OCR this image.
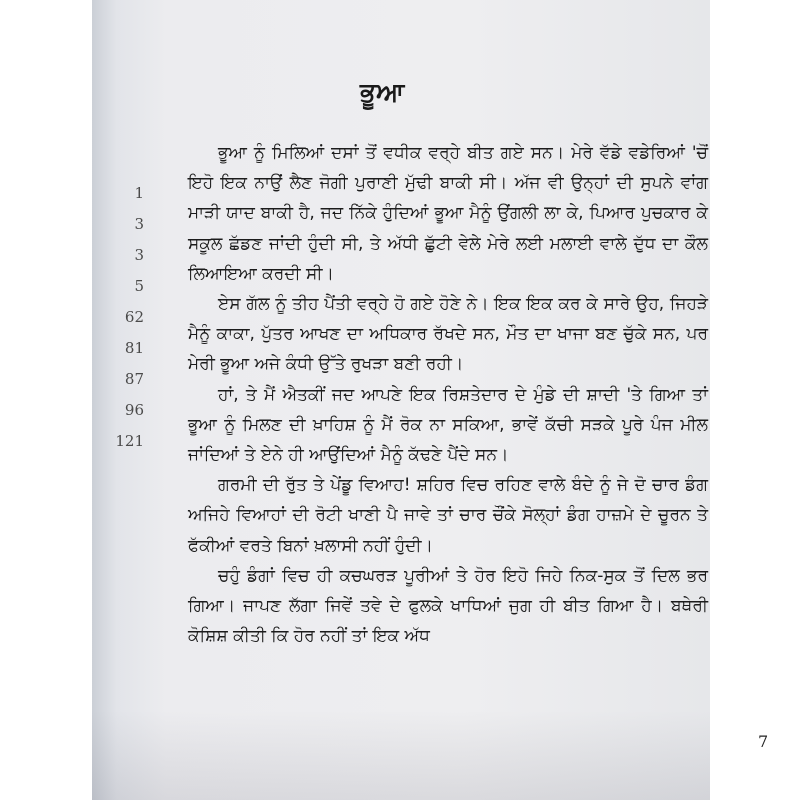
1
3
3
5
62
81
87
96
121
ਭੂਆ

ਭੂਆ ਨੂੰ ਮਿਲਿਆਂ ਦਸਾਂ ਤੋਂ ਵਧੀਕ ਵਰ੍ਹੇ ਬੀਤ ਗਏ ਸਨ। ਮੇਰੇ ਵੱਡੇ ਵਡੇਰਿਆਂ 'ਚੋਂ ਇਹੋ ਇਕ ਨਾਉਂ ਲੈਣ ਜੋਗੀ ਪੁਰਾਣੀ ਮੁੱਢੀ ਬਾਕੀ ਸੀ। ਅੱਜ ਵੀ ਉਨ੍ਹਾਂ ਦੀ ਸੁਪਨੇ ਵਾਂਗ ਮਾੜੀ ਯਾਦ ਬਾਕੀ ਹੈ, ਜਦ ਨਿੱਕੇ ਹੁੰਦਿਆਂ ਭੂਆ ਮੈਨੂੰ ਉਂਗਲੀ ਲਾ ਕੇ, ਪਿਆਰ ਪੁਚਕਾਰ ਕੇ ਸਕੂਲ ਛੱਡਣ ਜਾਂਦੀ ਹੁੰਦੀ ਸੀ, ਤੇ ਅੱਧੀ ਛੁੱਟੀ ਵੇਲੇ ਮੇਰੇ ਲਈ ਮਲਾਈ ਵਾਲੇ ਦੁੱਧ ਦਾ ਕੌਲ ਲਿਆਇਆ ਕਰਦੀ ਸੀ।

ਏਸ ਗੱਲ ਨੂੰ ਤੀਹ ਪੈਂਤੀ ਵਰ੍ਹੇ ਹੋ ਗਏ ਹੋਣੇ ਨੇ। ਇਕ ਇਕ ਕਰ ਕੇ ਸਾਰੇ ਉਹ, ਜਿਹੜੇ ਮੈਨੂੰ ਕਾਕਾ, ਪੁੱਤਰ ਆਖਣ ਦਾ ਅਧਿਕਾਰ ਰੱਖਦੇ ਸਨ, ਮੌਤ ਦਾ ਖਾਜਾ ਬਣ ਚੁੱਕੇ ਸਨ, ਪਰ ਮੇਰੀ ਭੂਆ ਅਜੇ ਕੰਧੀ ਉੱਤੇ ਰੁਖੜਾ ਬਣੀ ਰਹੀ।

ਹਾਂ, ਤੇ ਮੈਂ ਐਤਕੀਂ ਜਦ ਆਪਣੇ ਇਕ ਰਿਸ਼ਤੇਦਾਰ ਦੇ ਮੁੰਡੇ ਦੀ ਸ਼ਾਦੀ 'ਤੇ ਗਿਆ ਤਾਂ ਭੂਆ ਨੂੰ ਮਿਲਣ ਦੀ ਖ਼ਾਹਿਸ਼ ਨੂੰ ਮੈਂ ਰੋਕ ਨਾ ਸਕਿਆ, ਭਾਵੇਂ ਕੱਚੀ ਸੜਕੇ ਪੂਰੇ ਪੰਜ ਮੀਲ ਜਾਂਦਿਆਂ ਤੇ ਏਨੇ ਹੀ ਆਉਂਦਿਆਂ ਮੈਨੂੰ ਕੱਢਣੇ ਪੈਂਦੇ ਸਨ।

ਗਰਮੀ ਦੀ ਰੁੱਤ ਤੇ ਪੇਂਡੂ ਵਿਆਹ! ਸ਼ਹਿਰ ਵਿਚ ਰਹਿਣ ਵਾਲੇ ਬੰਦੇ ਨੂੰ ਜੇ ਦੋ ਚਾਰ ਡੰਗ ਅਜਿਹੇ ਵਿਆਹਾਂ ਦੀ ਰੋਟੀ ਖਾਣੀ ਪੈ ਜਾਵੇ ਤਾਂ ਚਾਰ ਚੌਂਕੇ ਸੋਲ੍ਹਾਂ ਡੰਗ ਹਾਜ਼ਮੇ ਦੇ ਚੂਰਨ ਤੇ ਫੱਕੀਆਂ ਵਰਤੇ ਬਿਨਾਂ ਖ਼ਲਾਸੀ ਨਹੀਂ ਹੁੰਦੀ।

ਚਹੁੰ ਡੰਗਾਂ ਵਿਚ ਹੀ ਕਚਘਰੜ ਪੂਰੀਆਂ ਤੇ ਹੋਰ ਇਹੋ ਜਿਹੇ ਨਿਕ-ਸੁਕ ਤੋਂ ਦਿਲ ਭਰ ਗਿਆ। ਜਾਪਣ ਲੱਗਾ ਜਿਵੇਂ ਤਵੇ ਦੇ ਫੁਲਕੇ ਖਾਧਿਆਂ ਜੁਗ ਹੀ ਬੀਤ ਗਿਆ ਹੈ। ਬਥੇਰੀ ਕੋਸ਼ਿਸ਼ ਕੀਤੀ ਕਿ ਹੋਰ ਨਹੀਂ ਤਾਂ ਇਕ ਅੱਧ

7
